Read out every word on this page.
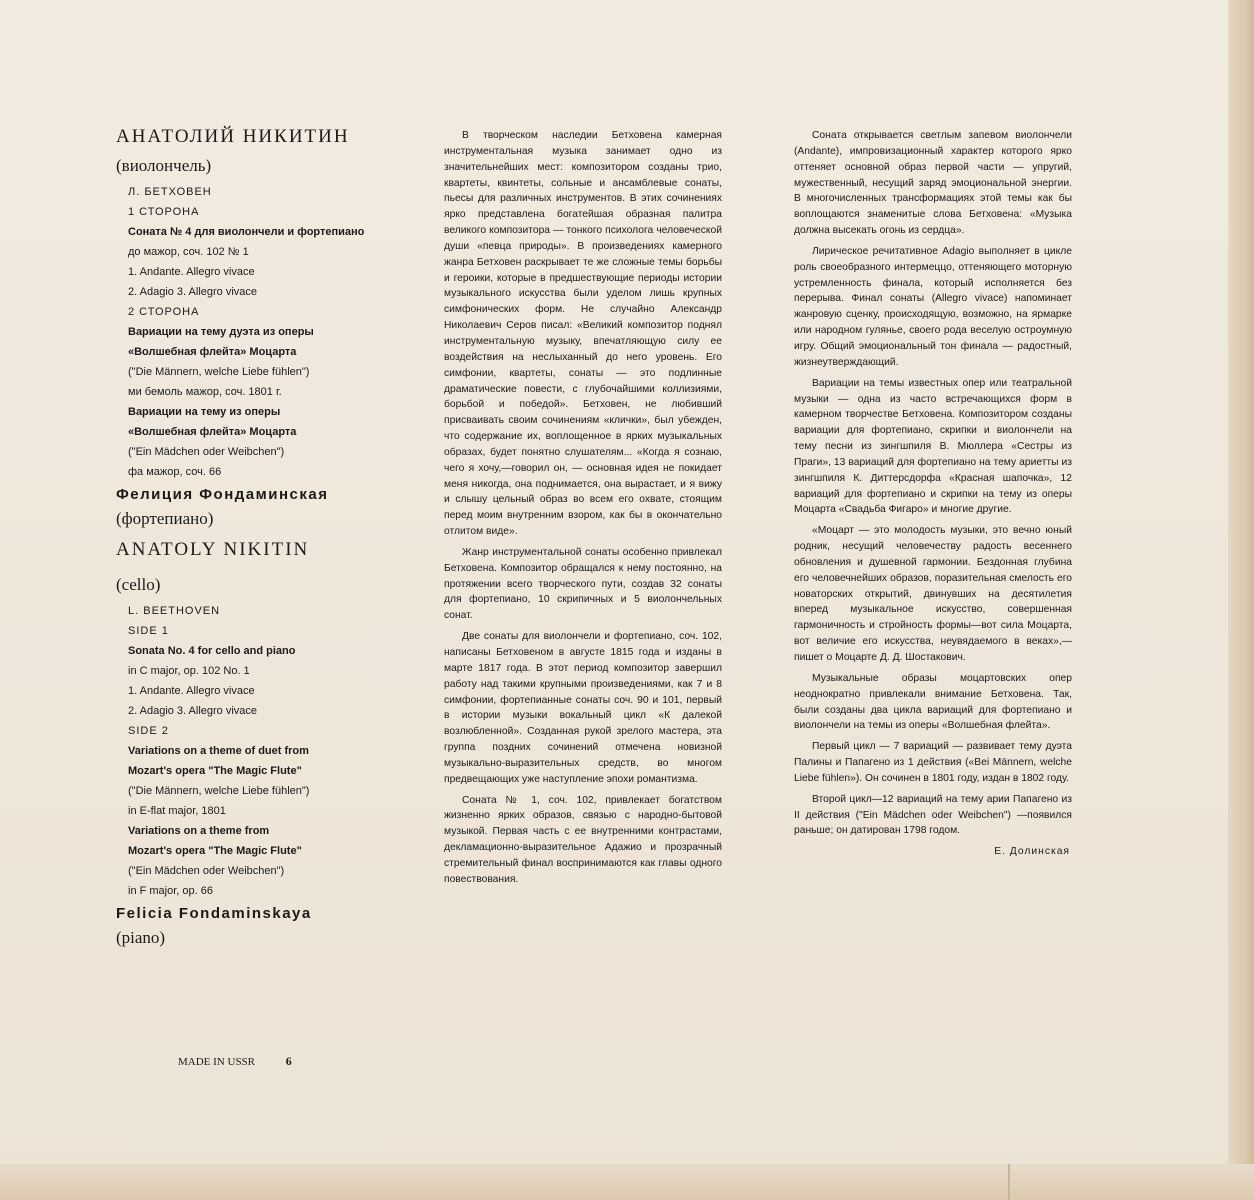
АНАТОЛИЙ НИКИТИН
(виолончель)
Л. БЕТХОВЕН
1 СТОРОНА
Соната № 4 для виолончели и фортепиано
до мажор, соч. 102 № 1
1. Andante. Allegro vivace
2. Adagio 3. Allegro vivace
2 СТОРОНА
Вариации на тему дуэта из оперы
«Волшебная флейта» Моцарта
("Die Männern, welche Liebe fühlen")
ми бемоль мажор, соч. 1801 г.
Вариации на тему из оперы
«Волшебная флейта» Моцарта
("Ein Mädchen oder Weibchen")
фа мажор, соч. 66
Фелиция Фондаминская
(фортепиано)
ANATOLY NIKITIN
(cello)
L. BEETHOVEN
SIDE 1
Sonata No. 4 for cello and piano
in C major, op. 102 No. 1
1. Andante. Allegro vivace
2. Adagio 3. Allegro vivace
SIDE 2
Variations on a theme of duet from
Mozart's opera "The Magic Flute"
("Die Männern, welche Liebe fühlen")
in E-flat major, 1801
Variations on a theme from
Mozart's opera "The Magic Flute"
("Ein Mädchen oder Weibchen")
in F major, op. 66
Felicia Fondaminskaya
(piano)

В творческом наследии Бетховена камерная инструментальная музыка занимает одно из значительнейших мест: композитором созданы трио, квартеты, квинтеты, сольные и ансамблевые сонаты, пьесы для различных инструментов. В этих сочинениях ярко представлена богатейшая образная палитра великого композитора — тонкого психолога человеческой души «певца природы». В произведениях камерного жанра Бетховен раскрывает те же сложные темы борьбы и героики, которые в предшествующие периоды истории музыкального искусства были уделом лишь крупных симфонических форм. Не случайно Александр Николаевич Серов писал: «Великий композитор поднял инструментальную музыку, впечатляющую силу ее воздействия на неслыханный до него уровень. Его симфонии, квартеты, сонаты — это подлинные драматические повести, с глубочайшими коллизиями, борьбой и победой». Бетховен, не любивший присваивать своим сочинениям «клички», был убежден, что содержание их, воплощенное в ярких музыкальных образах, будет понятно слушателям... «Когда я сознаю, чего я хочу,—говорил он, — основная идея не покидает меня никогда, она поднимается, она вырастает, и я вижу и слышу цельный образ во всем его охвате, стоящим перед моим внутренним взором, как бы в окончательно отлитом виде».

Жанр инструментальной сонаты особенно привлекал Бетховена. Композитор обращался к нему постоянно, на протяжении всего творческого пути, создав 32 сонаты для фортепиано, 10 скрипичных и 5 виолончельных сонат.

Две сонаты для виолончели и фортепиано, соч. 102, написаны Бетховеном в августе 1815 года и изданы в марте 1817 года. В этот период композитор завершил работу над такими крупными произведениями, как 7 и 8 симфонии, фортепианные сонаты соч. 90 и 101, первый в истории музыки вокальный цикл «К далекой возлюбленной». Созданная рукой зрелого мастера, эта группа поздних сочинений отмечена новизной музыкально-выразительных средств, во многом предвещающих уже наступление эпохи романтизма.

Соната № 1, соч. 102, привлекает богатством жизненно ярких образов, связью с народно-бытовой музыкой. Первая часть с ее внутренними контрастами, декламационно-выразительное Адажио и прозрачный стремительный финал воспринимаются как главы одного повествования.

Соната открывается светлым запевом виолончели (Andante), импровизационный характер которого ярко оттеняет основной образ первой части — упругий, мужественный, несущий заряд эмоциональной энергии. В многочисленных трансформациях этой темы как бы воплощаются знаменитые слова Бетховена: «Музыка должна высекать огонь из сердца».

Лирическое речитативное Adagio выполняет в цикле роль своеобразного интермеццо, оттеняющего моторную устремленность финала, который исполняется без перерыва. Финал сонаты (Allegro vivace) напоминает жанровую сценку, происходящую, возможно, на ярмарке или народном гулянье, своего рода веселую остроумную игру. Общий эмоциональный тон финала — радостный, жизнеутверждающий.

Вариации на темы известных опер или театральной музыки — одна из часто встречающихся форм в камерном творчестве Бетховена. Композитором созданы вариации для фортепиано, скрипки и виолончели на тему песни из зингшпиля В. Мюллера «Сестры из Праги», 13 вариаций для фортепиано на тему ариетты из зингшпиля К. Диттерсдорфа «Красная шапочка», 12 вариаций для фортепиано и скрипки на тему из оперы Моцарта «Свадьба Фигаро» и многие другие.

«Моцарт — это молодость музыки, это вечно юный родник, несущий человечеству радость весеннего обновления и душевной гармонии. Бездонная глубина его человечнейших образов, поразительная смелость его новаторских открытий, двинувших на десятилетия вперед музыкальное искусство, совершенная гармоничность и стройность формы—вот сила Моцарта, вот величие его искусства, неувядаемого в веках»,—пишет о Моцарте Д. Д. Шостакович.

Музыкальные образы моцартовских опер неоднократно привлекали внимание Бетховена. Так, были созданы два цикла вариаций для фортепиано и виолончели на темы из оперы «Волшебная флейта».

Первый цикл — 7 вариаций — развивает тему дуэта Палины и Папагено из 1 действия («Bei Männern, welche Liebe fühlen»). Он сочинен в 1801 году, издан в 1802 году.

Второй цикл—12 вариаций на тему арии Папагено из II действия ("Ein Mädchen oder Weibchen") —появился раньше; он датирован 1798 годом.

Е. Долинская
MADE IN USSR	6
